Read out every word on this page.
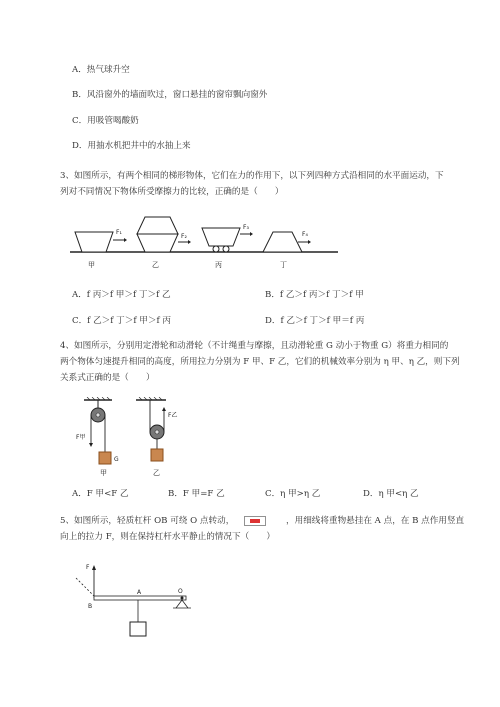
A．热气球升空
B．风沿窗外的墙面吹过，窗口悬挂的窗帘飘向窗外
C．用吸管喝酸奶
D．用抽水机把井中的水抽上来
3、如图所示，有两个相同的梯形物体，它们在力的作用下，以下列四种方式沿相同的水平面运动，下
列对不同情况下物体所受摩擦力的比较，正确的是（　　）
F₁
甲
F₂
乙
F₃
丙
F₄
丁
A．f 丙＞f 甲＞f 丁＞f 乙	B．f 乙＞f 丙＞f 丁＞f 甲
C．f 乙＞f 丁＞f 甲＞f 丙	D．f 乙＞f 丁＞f 甲＝f 丙
4、如图所示，分别用定滑轮和动滑轮（不计绳重与摩擦，且动滑轮重 G 动小于物重 G）将重力相同的
两个物体匀速提升相同的高度，所用拉力分别为 F 甲、F 乙，它们的机械效率分别为 η 甲、η 乙，则下列
关系式正确的是（　　）
G
F甲
甲
F乙
乙
A．F 甲<F 乙	B．F 甲=F 乙	C．η 甲>η 乙	D．η 甲<η 乙
5、如图所示，轻质杠杆 OB 可绕 O 点转动，	，用细线将重物悬挂在 A 点，在 B 点作用竖直
向上的拉力 F，则在保持杠杆水平静止的情况下（　　）
F
B
A	O
